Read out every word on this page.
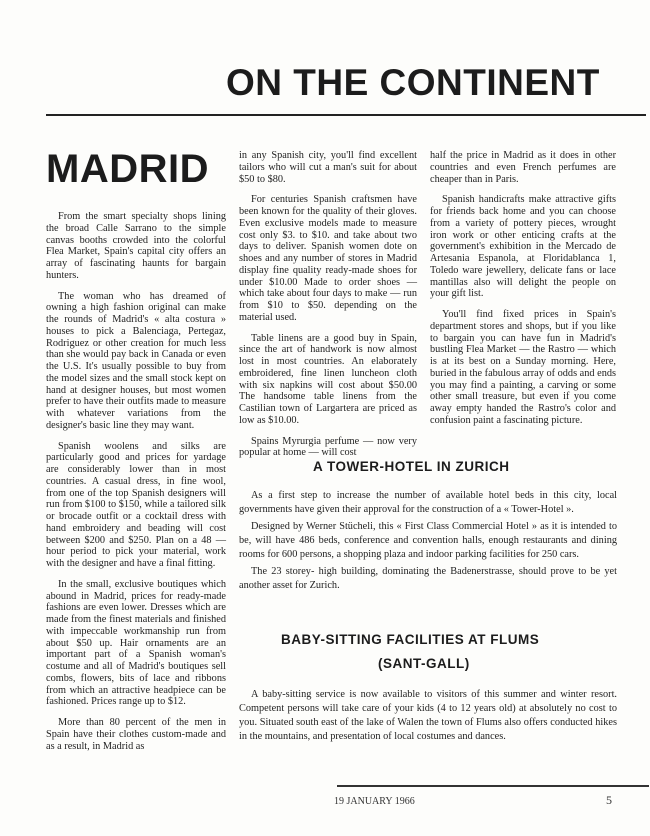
ON THE CONTINENT
MADRID

From the smart specialty shops lining the broad Calle Sarrano to the simple canvas booths crowded into the colorful Flea Market, Spain's capital city offers an array of fascinating haunts for bargain hunters.

The woman who has dreamed of owning a high fashion original can make the rounds of Madrid's « alta costura » houses to pick a Balenciaga, Pertegaz, Rodriguez or other creation for much less than she would pay back in Canada or even the U.S. It's usually possible to buy from the model sizes and the small stock kept on hand at designer houses, but most women prefer to have their outfits made to measure with whatever variations from the designer's basic line they may want.

Spanish woolens and silks are particularly good and prices for yardage are considerably lower than in most countries. A casual dress, in fine wool, from one of the top Spanish designers will run from $100 to $150, while a tailored silk or brocade outfit or a cocktail dress with hand embroidery and beading will cost between $200 and $250. Plan on a 48 — hour period to pick your material, work with the designer and have a final fitting.

In the small, exclusive boutiques which abound in Madrid, prices for ready-made fashions are even lower. Dresses which are made from the finest materials and finished with impeccable workmanship run from about $50 up. Hair ornaments are an important part of a Spanish woman's costume and all of Madrid's boutiques sell combs, flowers, bits of lace and ribbons from which an attractive headpiece can be fashioned. Prices range up to $12.

More than 80 percent of the men in Spain have their clothes custom-made and as a result, in Madrid as

in any Spanish city, you'll find excellent tailors who will cut a man's suit for about $50 to $80.

For centuries Spanish craftsmen have been known for the quality of their gloves. Even exclusive models made to measure cost only $3. to $10. and take about two days to deliver. Spanish women dote on shoes and any number of stores in Madrid display fine quality ready-made shoes for under $10.00 Made to order shoes — which take about four days to make — run from $10 to $50. depending on the material used.

Table linens are a good buy in Spain, since the art of handwork is now almost lost in most countries. An elaborately embroidered, fine linen luncheon cloth with six napkins will cost about $50.00 The handsome table linens from the Castilian town of Largartera are priced as low as $10.00.

Spains Myrurgia perfume — now very popular at home — will cost

half the price in Madrid as it does in other countries and even French perfumes are cheaper than in Paris.

Spanish handicrafts make attractive gifts for friends back home and you can choose from a variety of pottery pieces, wrought iron work or other enticing crafts at the government's exhibition in the Mercado de Artesania Espanola, at Floridablanca 1, Toledo ware jewellery, delicate fans or lace mantillas also will delight the people on your gift list.

You'll find fixed prices in Spain's department stores and shops, but if you like to bargain you can have fun in Madrid's bustling Flea Market — the Rastro — which is at its best on a Sunday morning. Here, buried in the fabulous array of odds and ends you may find a painting, a carving or some other small treasure, but even if you come away empty handed the Rastro's color and confusion paint a fascinating picture.

A TOWER-HOTEL IN ZURICH

As a first step to increase the number of available hotel beds in this city, local governments have given their approval for the construction of a « Tower-Hotel ».

Designed by Werner Stücheli, this « First Class Commercial Hotel » as it is intended to be, will have 486 beds, conference and convention halls, enough restaurants and dining rooms for 600 persons, a shopping plaza and indoor parking facilities for 250 cars.

The 23 storey- high building, dominating the Badenerstrasse, should prove to be yet another asset for Zurich.

BABY-SITTING FACILITIES AT FLUMS
(SANT-GALL)

A baby-sitting service is now available to visitors of this summer and winter resort. Competent persons will take care of your kids (4 to 12 years old) at absolutely no cost to you. Situated south east of the lake of Walen the town of Flums also offers conducted hikes in the mountains, and presentation of local costumes and dances.

19 JANUARY 1966	5
